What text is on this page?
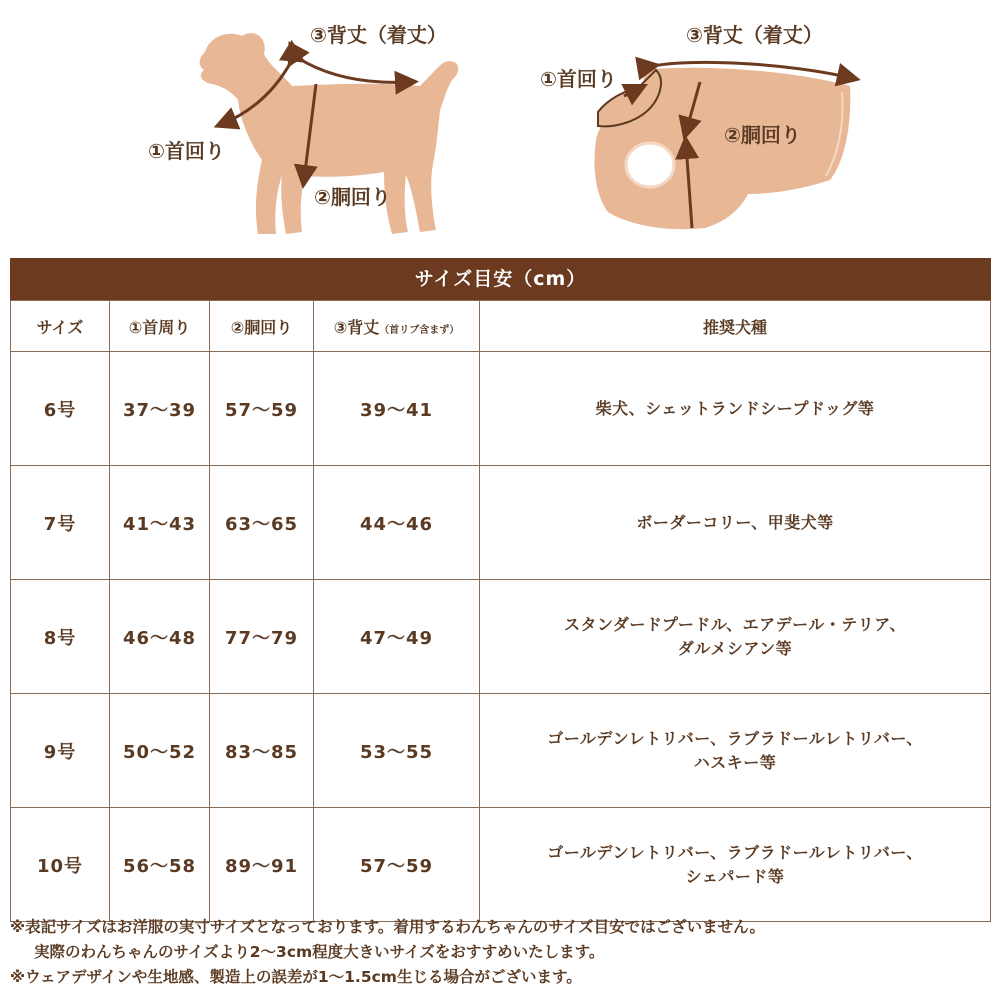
③背丈（着丈）
①首回り
②胴回り
③背丈（着丈）
①首回り
②胴回り
サイズ目安（cm）
サイズ	①首周り	②胴回り	③背丈（首リブ含まず）	推奨犬種
6号	37～39	57～59	39～41	柴犬、シェットランドシープドッグ等

7号	41～43	63～65	44～46	ボーダーコリー、甲斐犬等

8号	46～48	77～79	47～49	スタンダードプードル、エアデール・テリア、
ダルメシアン等

9号	50～52	83～85	53～55	ゴールデンレトリバー、ラブラドールレトリバー、
ハスキー等

10号	56～58	89～91	57～59	ゴールデンレトリバー、ラブラドールレトリバー、
シェパード等

※表記サイズはお洋服の実寸サイズとなっております。着用するわんちゃんのサイズ目安ではございません。

実際のわんちゃんのサイズより2～3cm程度大きいサイズをおすすめいたします。

※ウェアデザインや生地感、製造上の誤差が1～1.5cm生じる場合がございます。
